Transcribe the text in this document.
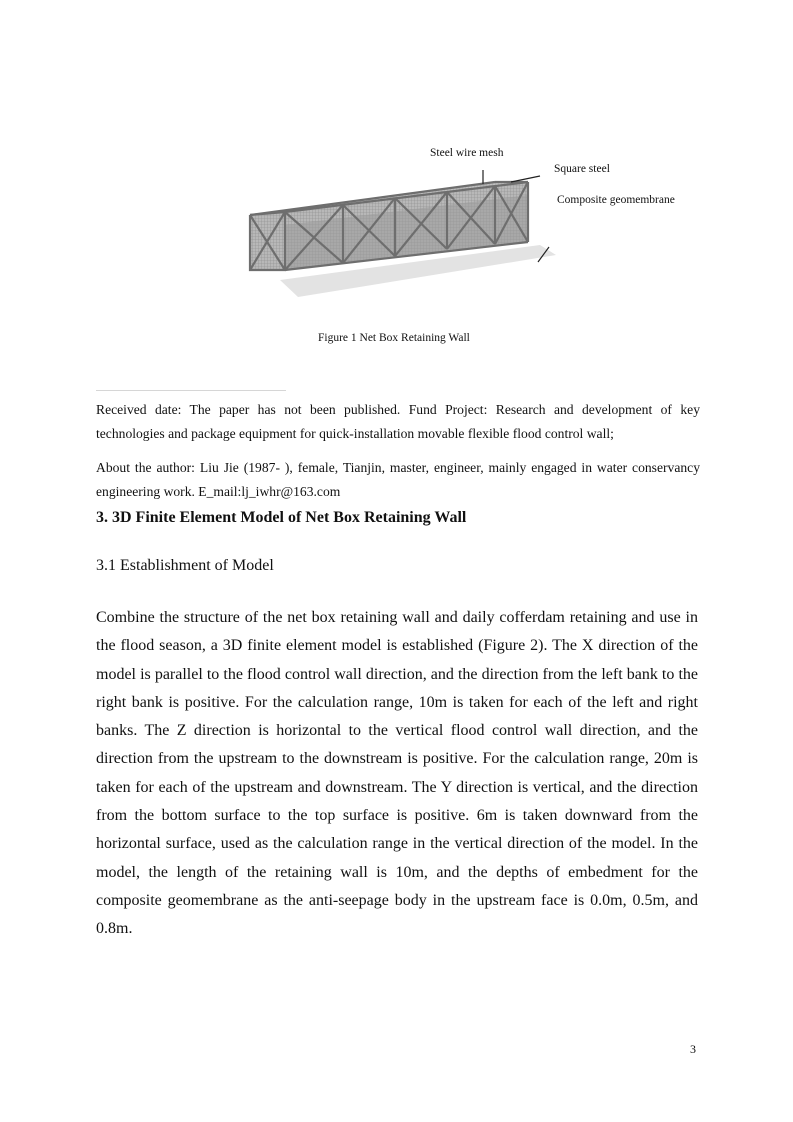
Steel wire mesh
Square steel
Composite geomembrane
Figure 1 Net Box Retaining Wall
Received date: The paper has not been published. Fund Project: Research and development of key technologies and package equipment for quick-installation movable flexible flood control wall;
About the author: Liu Jie (1987- ), female, Tianjin, master, engineer, mainly engaged in water conservancy engineering work. E_mail:lj_iwhr@163.com
3. 3D Finite Element Model of Net Box Retaining Wall
3.1 Establishment of Model
Combine the structure of the net box retaining wall and daily cofferdam retaining and use in the flood season, a 3D finite element model is established (Figure 2). The X direction of the model is parallel to the flood control wall direction, and the direction from the left bank to the right bank is positive. For the calculation range, 10m is taken for each of the left and right banks. The Z direction is horizontal to the vertical flood control wall direction, and the direction from the upstream to the downstream is positive. For the calculation range, 20m is taken for each of the upstream and downstream. The Y direction is vertical, and the direction from the bottom surface to the top surface is positive. 6m is taken downward from the horizontal surface, used as the calculation range in the vertical direction of the model. In the model, the length of the retaining wall is 10m, and the depths of embedment for the composite geomembrane as the anti-seepage body in the upstream face is 0.0m, 0.5m, and 0.8m.
3
